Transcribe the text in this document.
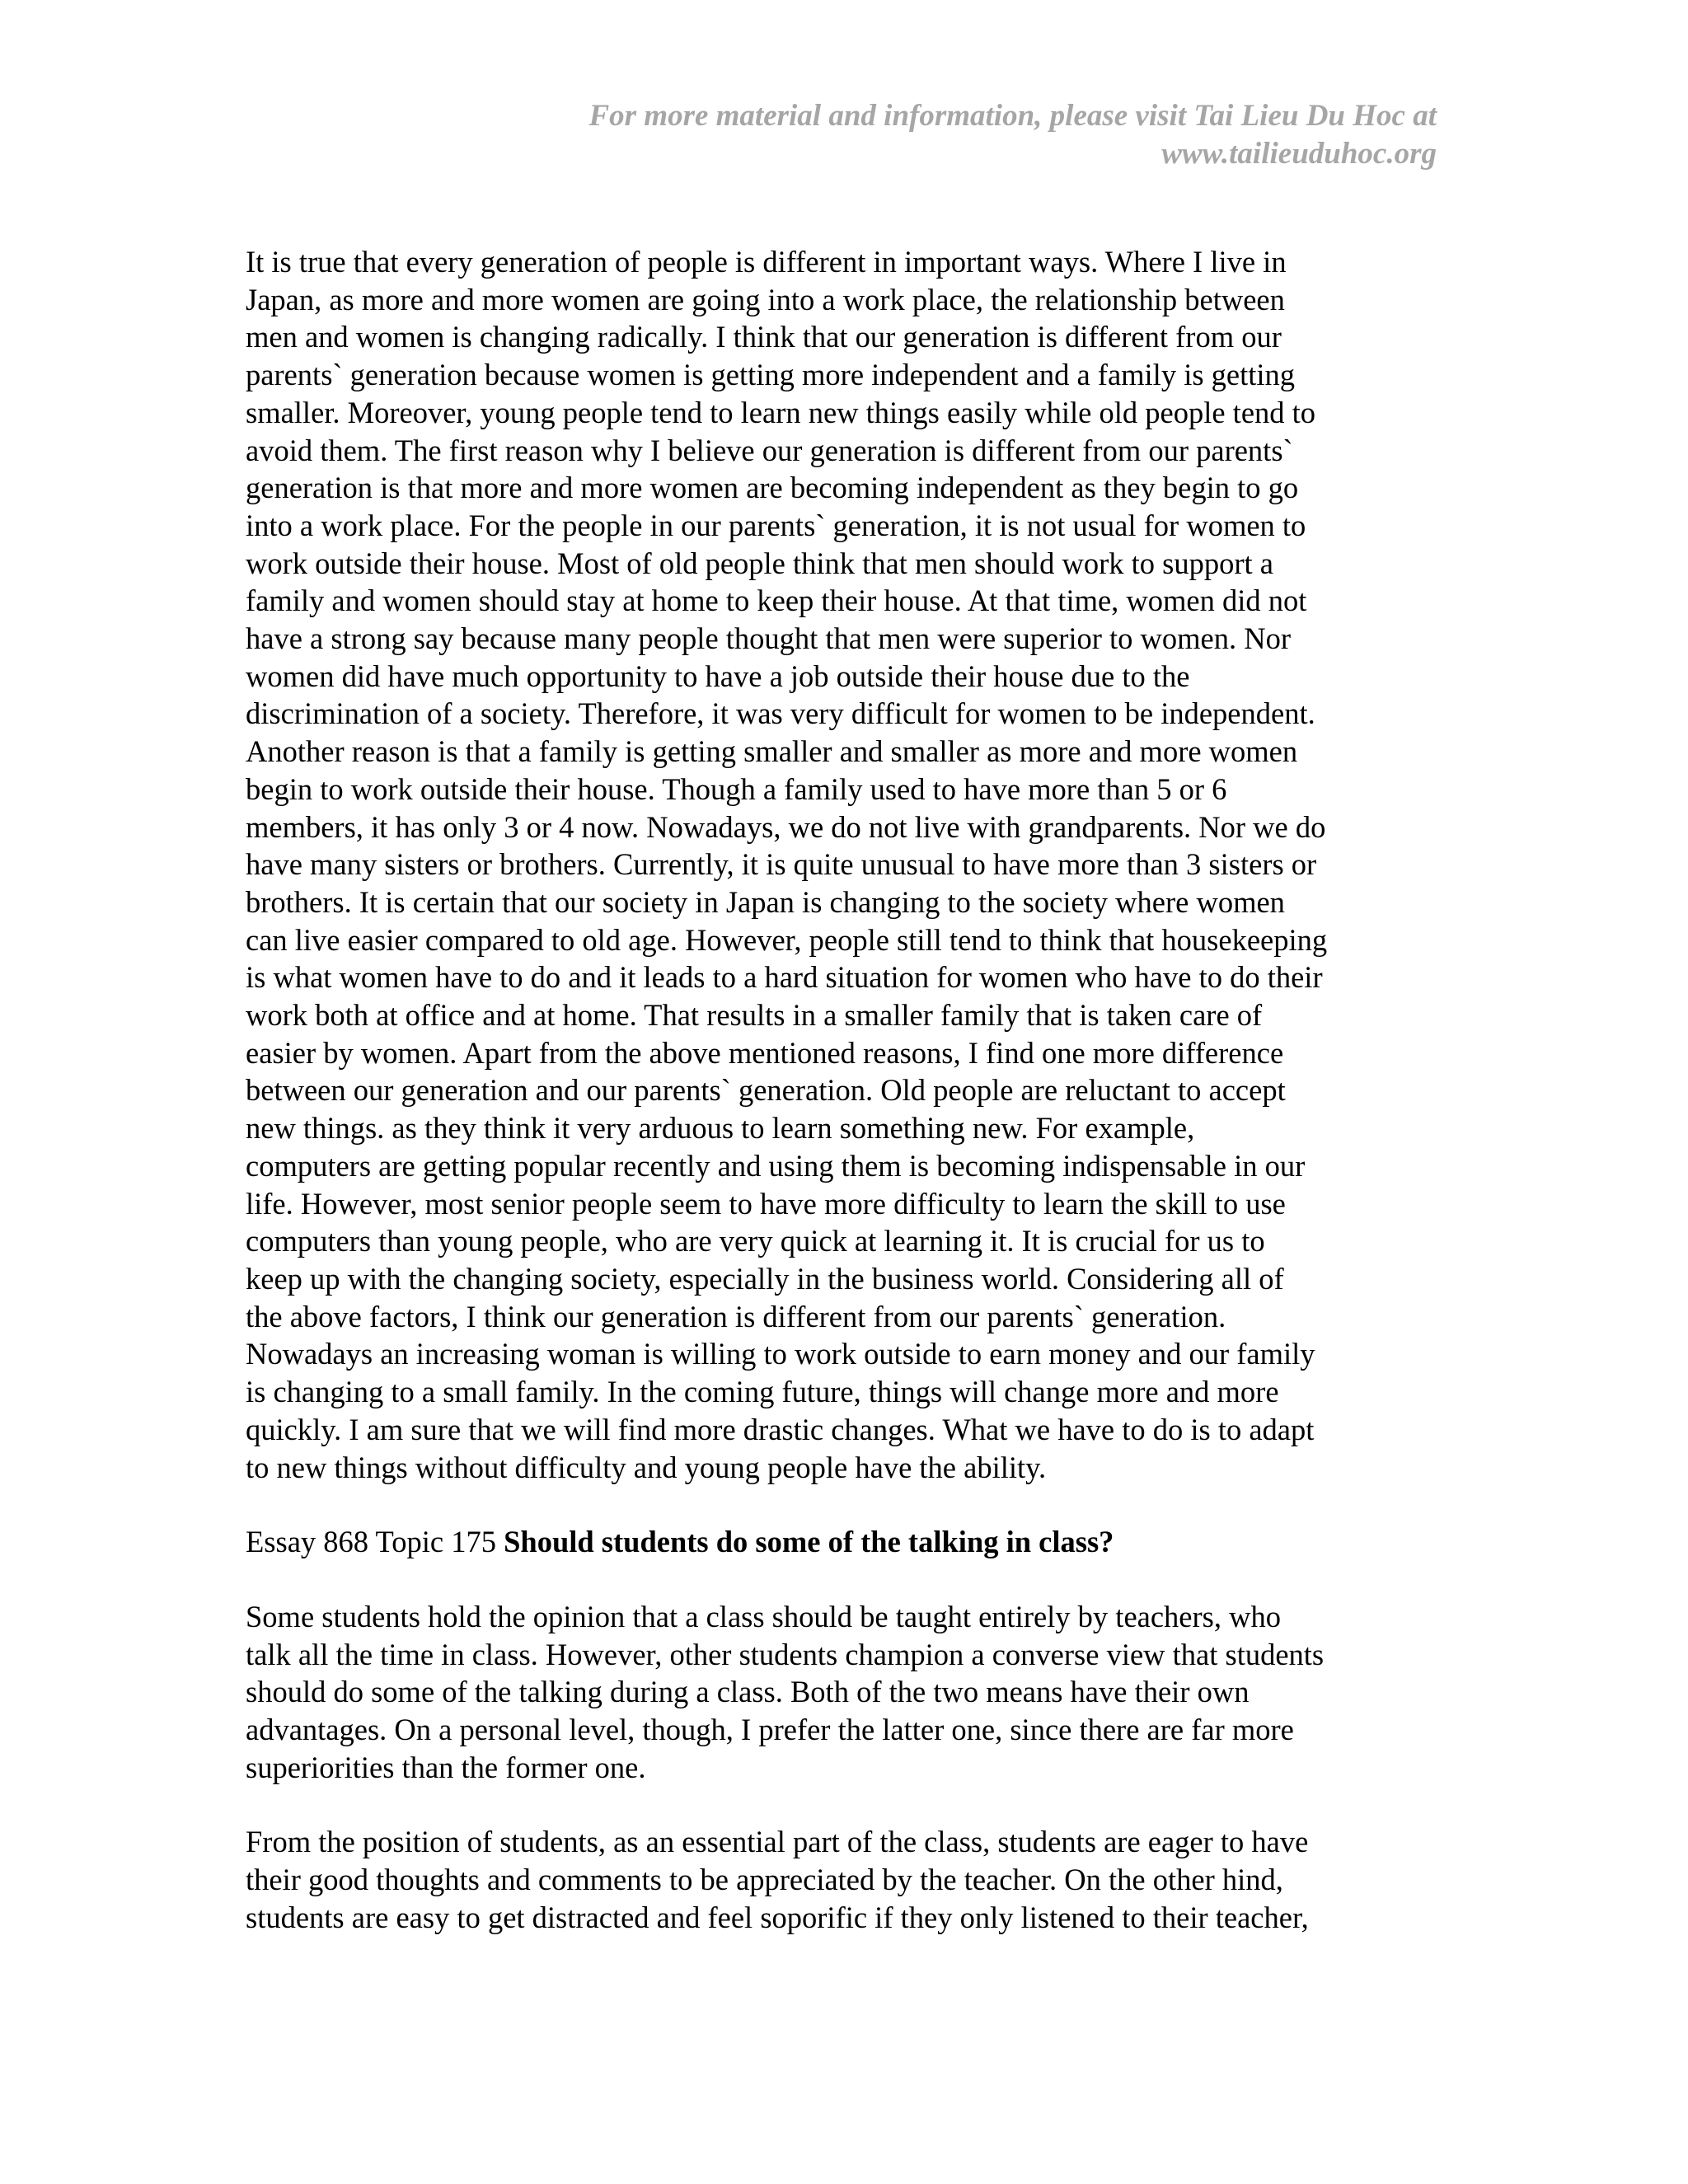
For more material and information, please visit Tai Lieu Du Hoc at
www.tailieuduhoc.org
It is true that every generation of people is different in important ways. Where I live in
Japan, as more and more women are going into a work place, the relationship between
men and women is changing radically. I think that our generation is different from our
parents` generation because women is getting more independent and a family is getting
smaller. Moreover, young people tend to learn new things easily while old people tend to
avoid them. The first reason why I believe our generation is different from our parents`
generation is that more and more women are becoming independent as they begin to go
into a work place. For the people in our parents` generation, it is not usual for women to
work outside their house. Most of old people think that men should work to support a
family and women should stay at home to keep their house. At that time, women did not
have a strong say because many people thought that men were superior to women. Nor
women did have much opportunity to have a job outside their house due to the
discrimination of a society. Therefore, it was very difficult for women to be independent.
Another reason is that a family is getting smaller and smaller as more and more women
begin to work outside their house. Though a family used to have more than 5 or 6
members, it has only 3 or 4 now. Nowadays, we do not live with grandparents. Nor we do
have many sisters or brothers. Currently, it is quite unusual to have more than 3 sisters or
brothers. It is certain that our society in Japan is changing to the society where women
can live easier compared to old age. However, people still tend to think that housekeeping
is what women have to do and it leads to a hard situation for women who have to do their
work both at office and at home. That results in a smaller family that is taken care of
easier by women. Apart from the above mentioned reasons, I find one more difference
between our generation and our parents` generation. Old people are reluctant to accept
new things. as they think it very arduous to learn something new. For example,
computers are getting popular recently and using them is becoming indispensable in our
life. However, most senior people seem to have more difficulty to learn the skill to use
computers than young people, who are very quick at learning it. It is crucial for us to
keep up with the changing society, especially in the business world. Considering all of
the above factors, I think our generation is different from our parents` generation.
Nowadays an increasing woman is willing to work outside to earn money and our family
is changing to a small family. In the coming future, things will change more and more
quickly. I am sure that we will find more drastic changes. What we have to do is to adapt
to new things without difficulty and young people have the ability.
Essay 868 Topic 175 Should students do some of the talking in class?
Some students hold the opinion that a class should be taught entirely by teachers, who
talk all the time in class. However, other students champion a converse view that students
should do some of the talking during a class. Both of the two means have their own
advantages. On a personal level, though, I prefer the latter one, since there are far more
superiorities than the former one.
From the position of students, as an essential part of the class, students are eager to have
their good thoughts and comments to be appreciated by the teacher. On the other hind,
students are easy to get distracted and feel soporific if they only listened to their teacher,
